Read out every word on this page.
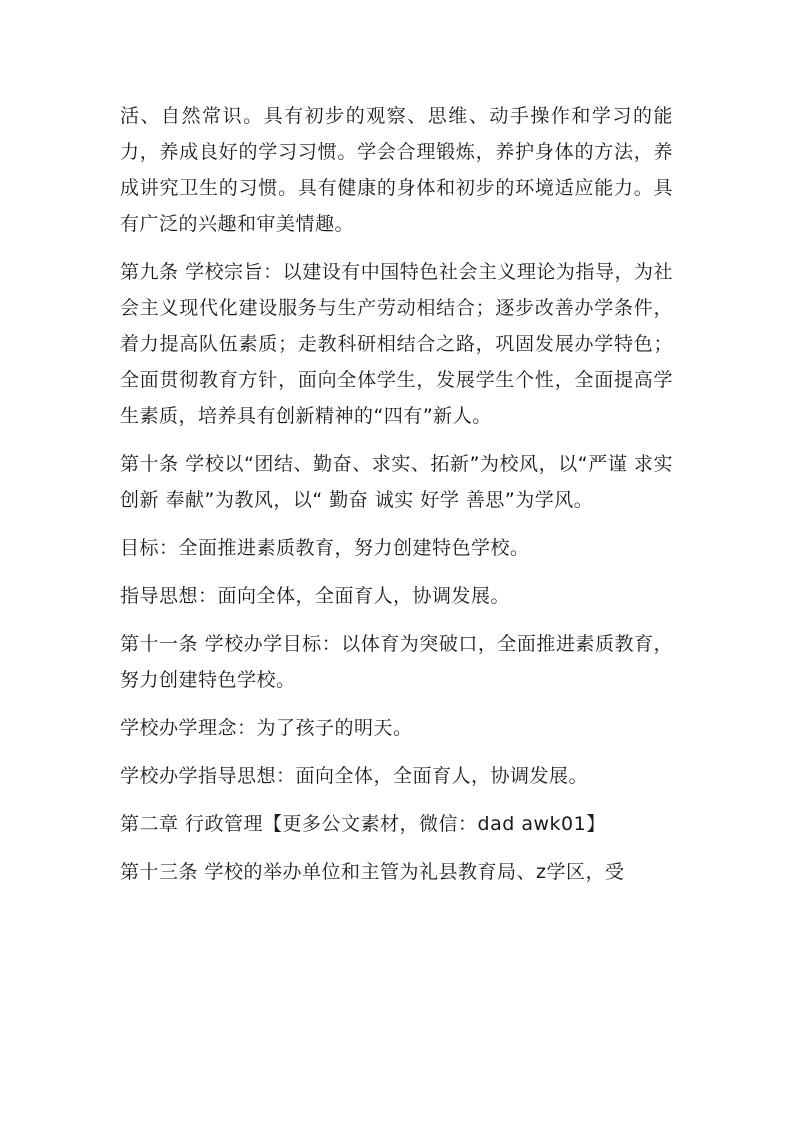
活、自然常识。具有初步的观察、思维、动手操作和学习的能力，养成良好的学习习惯。学会合理锻炼，养护身体的方法，养成讲究卫生的习惯。具有健康的身体和初步的环境适应能力。具有广泛的兴趣和审美情趣。

第九条 学校宗旨：以建设有中国特色社会主义理论为指导，为社会主义现代化建设服务与生产劳动相结合；逐步改善办学条件，着力提高队伍素质；走教科研相结合之路，巩固发展办学特色；全面贯彻教育方针，面向全体学生，发展学生个性，全面提高学生素质，培养具有创新精神的“四有”新人。

第十条 学校以“团结、勤奋、求实、拓新”为校风，以“严谨 求实 创新 奉献”为教风，以“ 勤奋 诚实 好学 善思”为学风。

目标：全面推进素质教育，努力创建特色学校。

指导思想：面向全体，全面育人，协调发展。

第十一条 学校办学目标：以体育为突破口，全面推进素质教育，努力创建特色学校。

学校办学理念：为了孩子的明天。

学校办学指导思想：面向全体，全面育人，协调发展。

第二章 行政管理【更多公文素材，微信：dad awk01】

第十三条 学校的举办单位和主管为礼县教育局、z学区，受
